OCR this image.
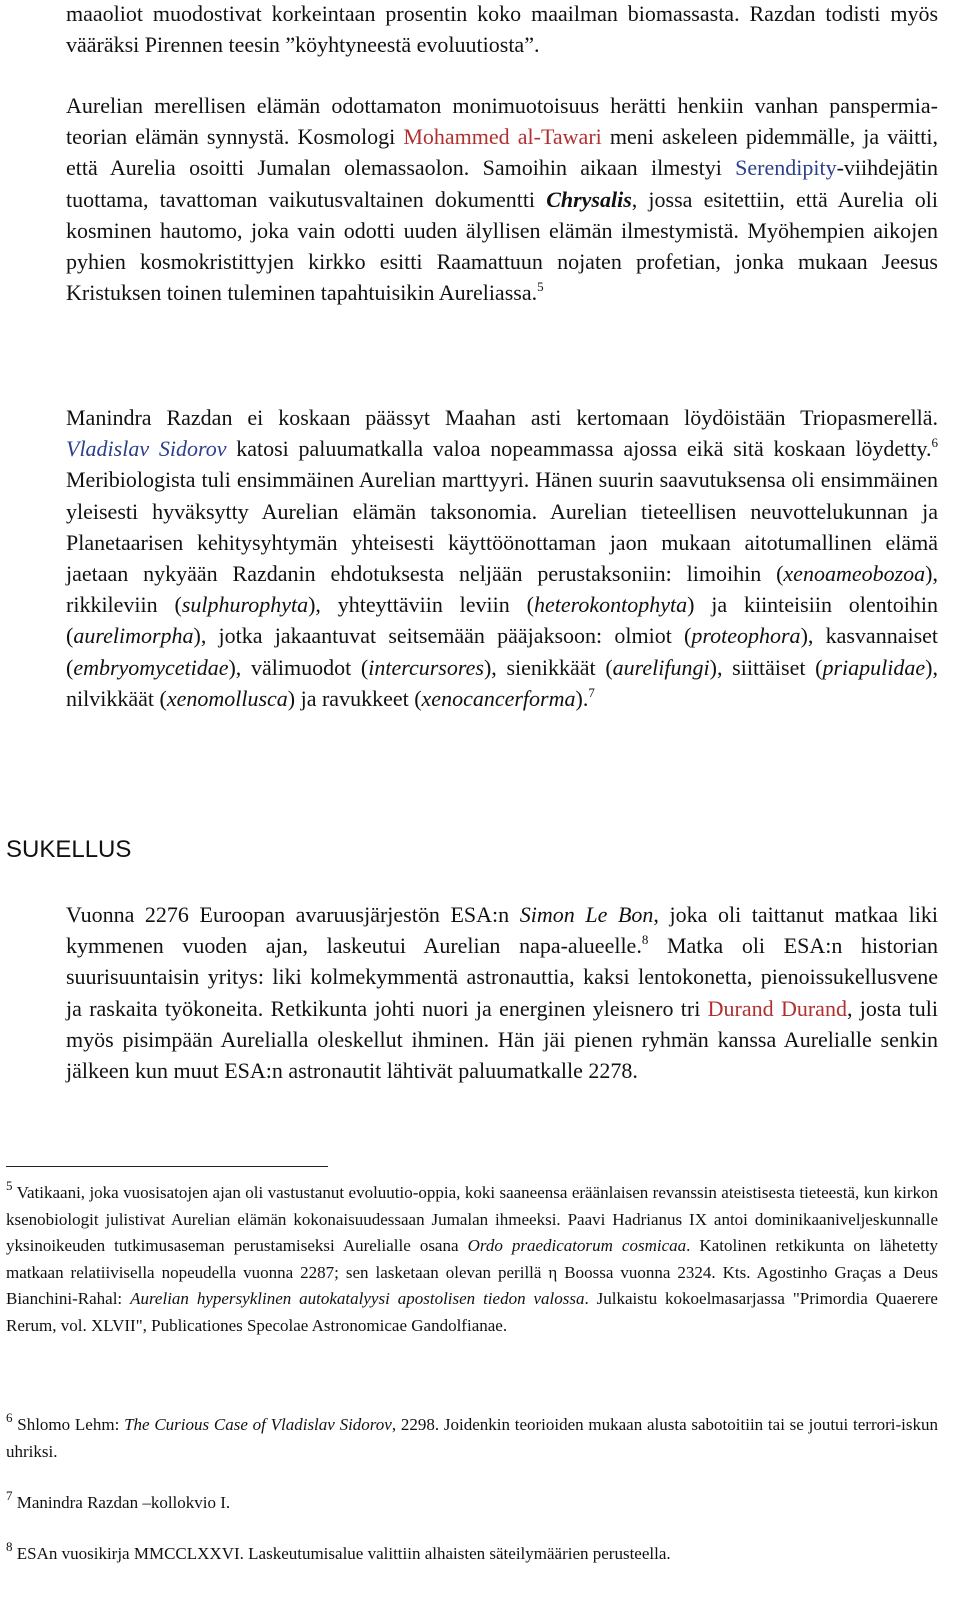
maaoliot muodostivat korkeintaan prosentin koko maailman biomassasta. Razdan todisti myös vääräksi Pirennen teesin ”köyhtyneestä evoluutiosta”.
Aurelian merellisen elämän odottamaton monimuotoisuus herätti henkiin vanhan panspermia-teorian elämän synnystä. Kosmologi Mohammed al-Tawari meni askeleen pidemmälle, ja väitti, että Aurelia osoitti Jumalan olemassaolon. Samoihin aikaan ilmestyi Serendipity-viihdejätin tuottama, tavattoman vaikutusvaltainen dokumentti Chrysalis, jossa esitettiin, että Aurelia oli kosminen hautomo, joka vain odotti uuden älyllisen elämän ilmestymistä. Myöhempien aikojen pyhien kosmokristittyjen kirkko esitti Raamattuun nojaten profetian, jonka mukaan Jeesus Kristuksen toinen tuleminen tapahtuisikin Aureliassa.$^5$
Manindra Razdan ei koskaan päässyt Maahan asti kertomaan löydöistään Triopasmerellä. Vladislav Sidorov katosi paluumatkalla valoa nopeammassa ajossa eikä sitä koskaan löydetty.$^6$ Meribiologista tuli ensimmäinen Aurelian marttyyri. Hänen suurin saavutuksensa oli ensimmäinen yleisesti hyväksytty Aurelian elämän taksonomia. Aurelian tieteellisen neuvottelukunnan ja Planetaarisen kehitysyhtymän yhteisesti käyttöönottaman jaon mukaan aitotumallinen elämä jaetaan nykyään Razdanin ehdotuksesta neljään perustaksoniin: limoihin (xenoameobozoa), rikkileviin (sulphurophyta), yhteyttäviin leviin (heterokontophyta) ja kiinteisiin olentoihin (aurelimorpha), jotka jakaantuvat seitsemään pääjaksoon: olmiot (proteophora), kasvannaiset (embryomycetidae), välimuodot (intercursores), sienikkäät (aurelifungi), siittäiset (priapulidae), nilvikkäät (xenomollusca) ja ravukkeet (xenocancerforma).$^7$
SUKELLUS
Vuonna 2276 Euroopan avaruusjärjestön ESA:n Simon Le Bon, joka oli taittanut matkaa liki kymmenen vuoden ajan, laskeutui Aurelian napa-alueelle.$^8$ Matka oli ESA:n historian suurisuuntaisin yritys: liki kolmekymmentä astronauttia, kaksi lentokonetta, pienoissukellusvene ja raskaita työkoneita. Retkikunta johti nuori ja energinen yleisnero tri Durand Durand, josta tuli myös pisimpään Aurelialla oleskellut ihminen. Hän jäi pienen ryhmän kanssa Aurelialle senkin jälkeen kun muut ESA:n astronautit lähtivät paluumatkalle 2278.
$^5$ Vatikaani, joka vuosisatojen ajan oli vastustanut evoluutio-oppia, koki saaneensa eräänlaisen revanssin ateistisesta tieteestä, kun kirkon ksenobiologit julistivat Aurelian elämän kokonaisuudessaan Jumalan ihmeeksi. Paavi Hadrianus IX antoi dominikaaniveljeskunnalle yksinoikeuden tutkimusaseman perustamiseksi Aurelialle osana Ordo praedicatorum cosmicaa. Katolinen retkikunta on lähetetty matkaan relatiivisella nopeudella vuonna 2287; sen lasketaan olevan perillä η Boossa vuonna 2324. Kts. Agostinho Graças a Deus Bianchini-Rahal: Aurelian hypersyklinen autokatalyysi apostolisen tiedon valossa. Julkaistu kokoelmasarjassa "Primordia Quaerere Rerum, vol. XLVII", Publicationes Specolae Astronomicae Gandolfianae.
$^6$ Shlomo Lehm: The Curious Case of Vladislav Sidorov, 2298. Joidenkin teorioiden mukaan alusta sabotoitiin tai se joutui terrori-iskun uhriksi.
$^7$ Manindra Razdan –kollokvio I.
$^8$ ESAn vuosikirja MMCCLXXVI. Laskeutumisalue valittiin alhaisten säteilymäärien perusteella.
